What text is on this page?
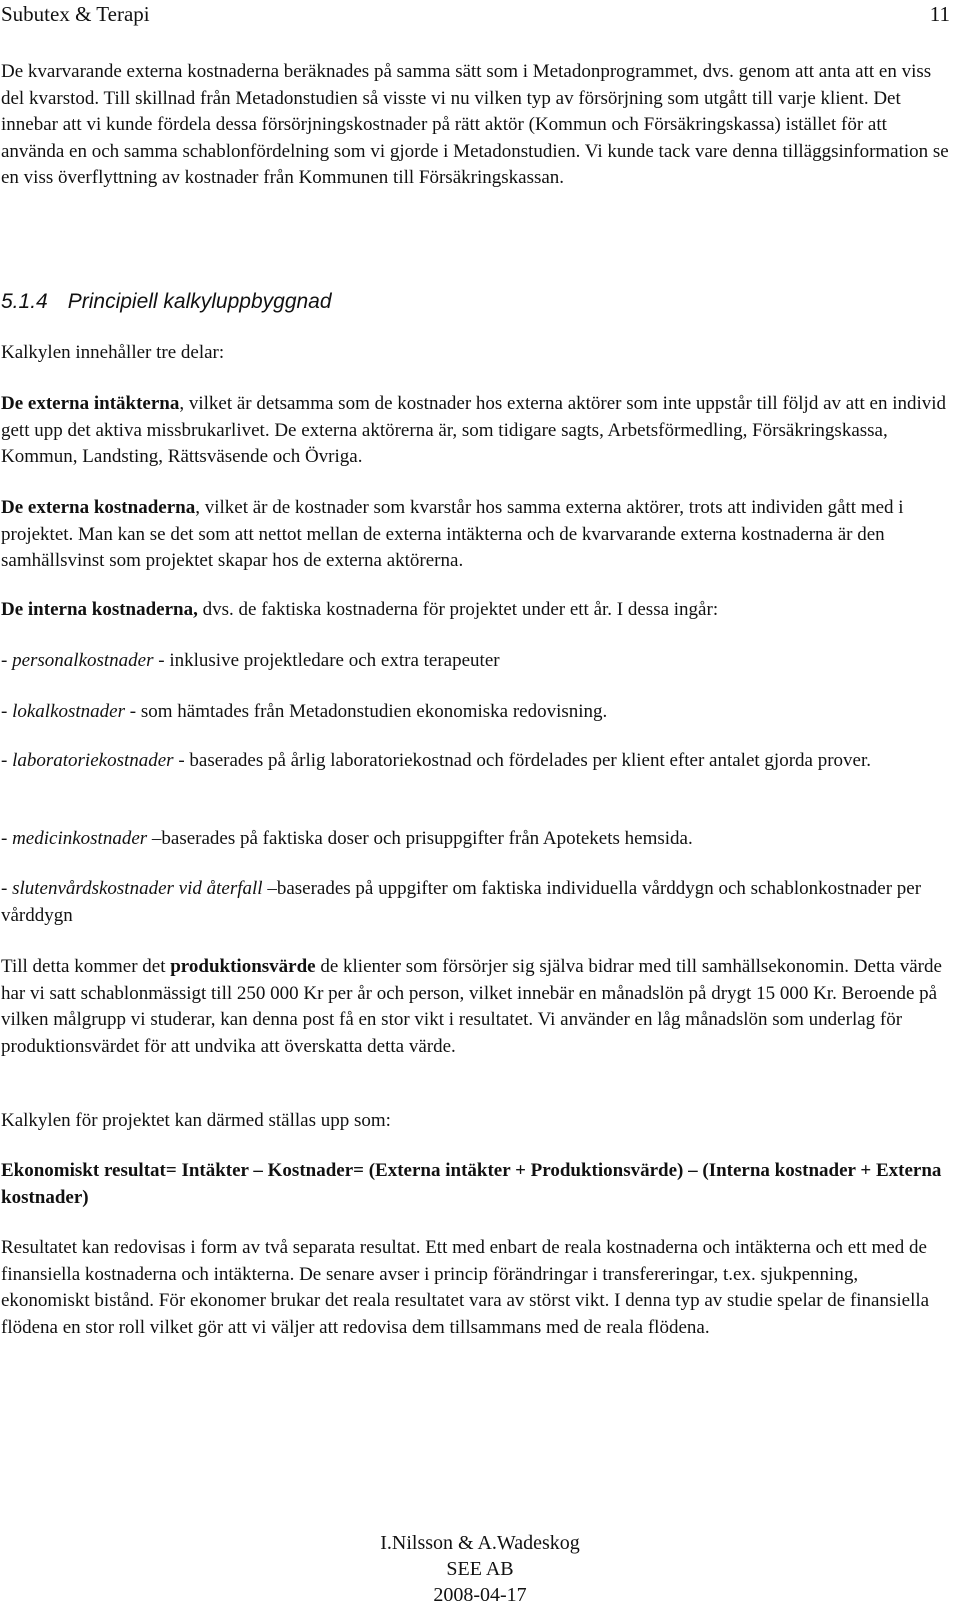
Subutex & Terapi	11

De kvarvarande externa kostnaderna beräknades på samma sätt som i Metadonprogrammet, dvs. genom att anta att en viss del kvarstod. Till skillnad från Metadonstudien så visste vi nu vilken typ av försörjning som utgått till varje klient. Det innebar att vi kunde fördela dessa försörjningskostnader på rätt aktör (Kommun och Försäkringskassa) istället för att använda en och samma schablonfördelning som vi gjorde i Metadonstudien. Vi kunde tack vare denna tilläggsinformation se en viss överflyttning av kostnader från Kommunen till Försäkringskassan.

5.1.4 Principiell kalkyluppbyggnad

Kalkylen innehåller tre delar:

De externa intäkterna, vilket är detsamma som de kostnader hos externa aktörer som inte uppstår till följd av att en individ gett upp det aktiva missbrukarlivet. De externa aktörerna är, som tidigare sagts, Arbetsförmedling, Försäkringskassa, Kommun, Landsting, Rättsväsende och Övriga.

De externa kostnaderna, vilket är de kostnader som kvarstår hos samma externa aktörer, trots att individen gått med i projektet. Man kan se det som att nettot mellan de externa intäkterna och de kvarvarande externa kostnaderna är den samhällsvinst som projektet skapar hos de externa aktörerna.

De interna kostnaderna, dvs. de faktiska kostnaderna för projektet under ett år. I dessa ingår:

- personalkostnader - inklusive projektledare och extra terapeuter

- lokalkostnader - som hämtades från Metadonstudien ekonomiska redovisning.

- laboratoriekostnader - baserades på årlig laboratoriekostnad och fördelades per klient efter antalet gjorda prover.

- medicinkostnader –baserades på faktiska doser och prisuppgifter från Apotekets hemsida.

- slutenvårdskostnader vid återfall –baserades på uppgifter om faktiska individuella vårddygn och schablonkostnader per vårddygn

Till detta kommer det produktionsvärde de klienter som försörjer sig själva bidrar med till samhällsekonomin. Detta värde har vi satt schablonmässigt till 250 000 Kr per år och person, vilket innebär en månadslön på drygt 15 000 Kr. Beroende på vilken målgrupp vi studerar, kan denna post få en stor vikt i resultatet. Vi använder en låg månadslön som underlag för produktionsvärdet för att undvika att överskatta detta värde.

Kalkylen för projektet kan därmed ställas upp som:

Ekonomiskt resultat= Intäkter – Kostnader= (Externa intäkter + Produktionsvärde) – (Interna kostnader + Externa kostnader)

Resultatet kan redovisas i form av två separata resultat. Ett med enbart de reala kostnaderna och intäkterna och ett med de finansiella kostnaderna och intäkterna. De senare avser i princip förändringar i transfereringar, t.ex. sjukpenning, ekonomiskt bistånd. För ekonomer brukar det reala resultatet vara av störst vikt. I denna typ av studie spelar de finansiella flödena en stor roll vilket gör att vi väljer att redovisa dem tillsammans med de reala flödena.

I.Nilsson & A.Wadeskog
SEE AB
2008-04-17
